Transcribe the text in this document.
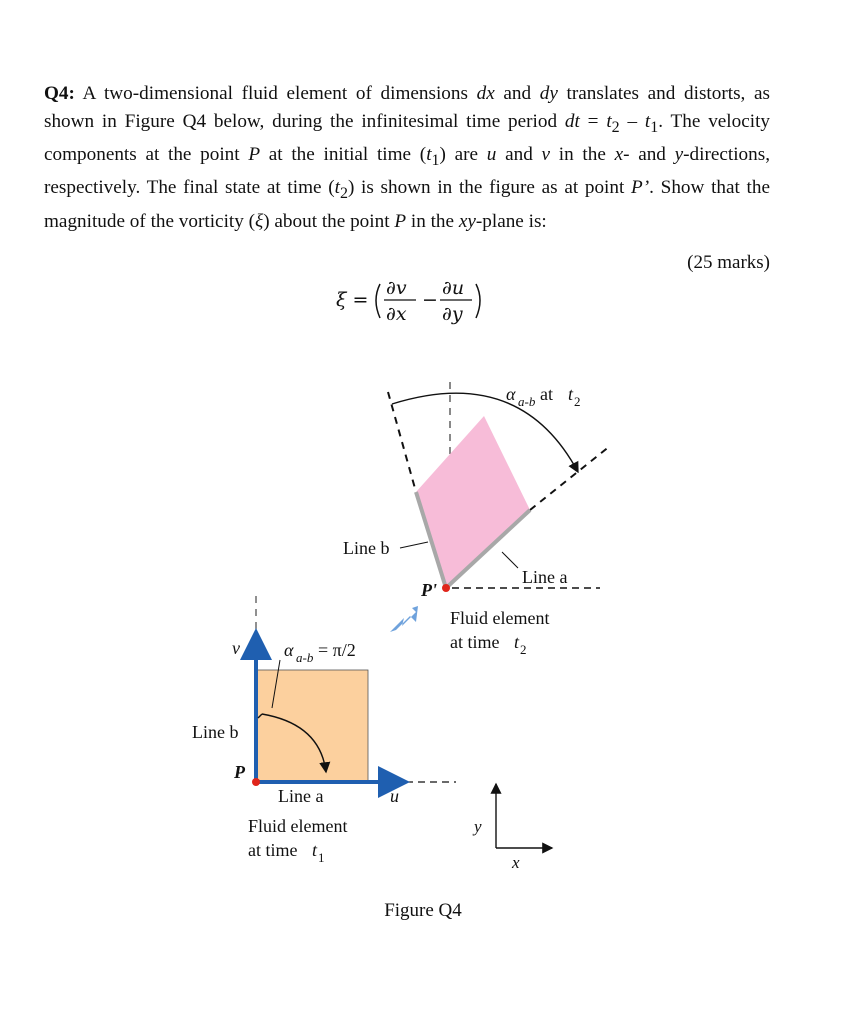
Q4: A two-dimensional fluid element of dimensions dx and dy translates and distorts, as shown in Figure Q4 below, during the infinitesimal time period dt = $t_2 - t_1$. The velocity components at the point P at the initial time $(t_1)$ are u and v in the x- and y-directions, respectively. The final state at time $(t_2)$ is shown in the figure as at point P’. Show that the magnitude of the vorticity (ξ) about the point P in the xy-plane is:
(25 marks)
ξ =
∂v
∂x
−
∂u
∂y
α a-b at t 2
Line b
Line a
P'
Fluid element
at time t 2
v α a-b = π/2
Line b
P
Line a	u
Fluid element
at time t 1
y
x
Figure Q4
